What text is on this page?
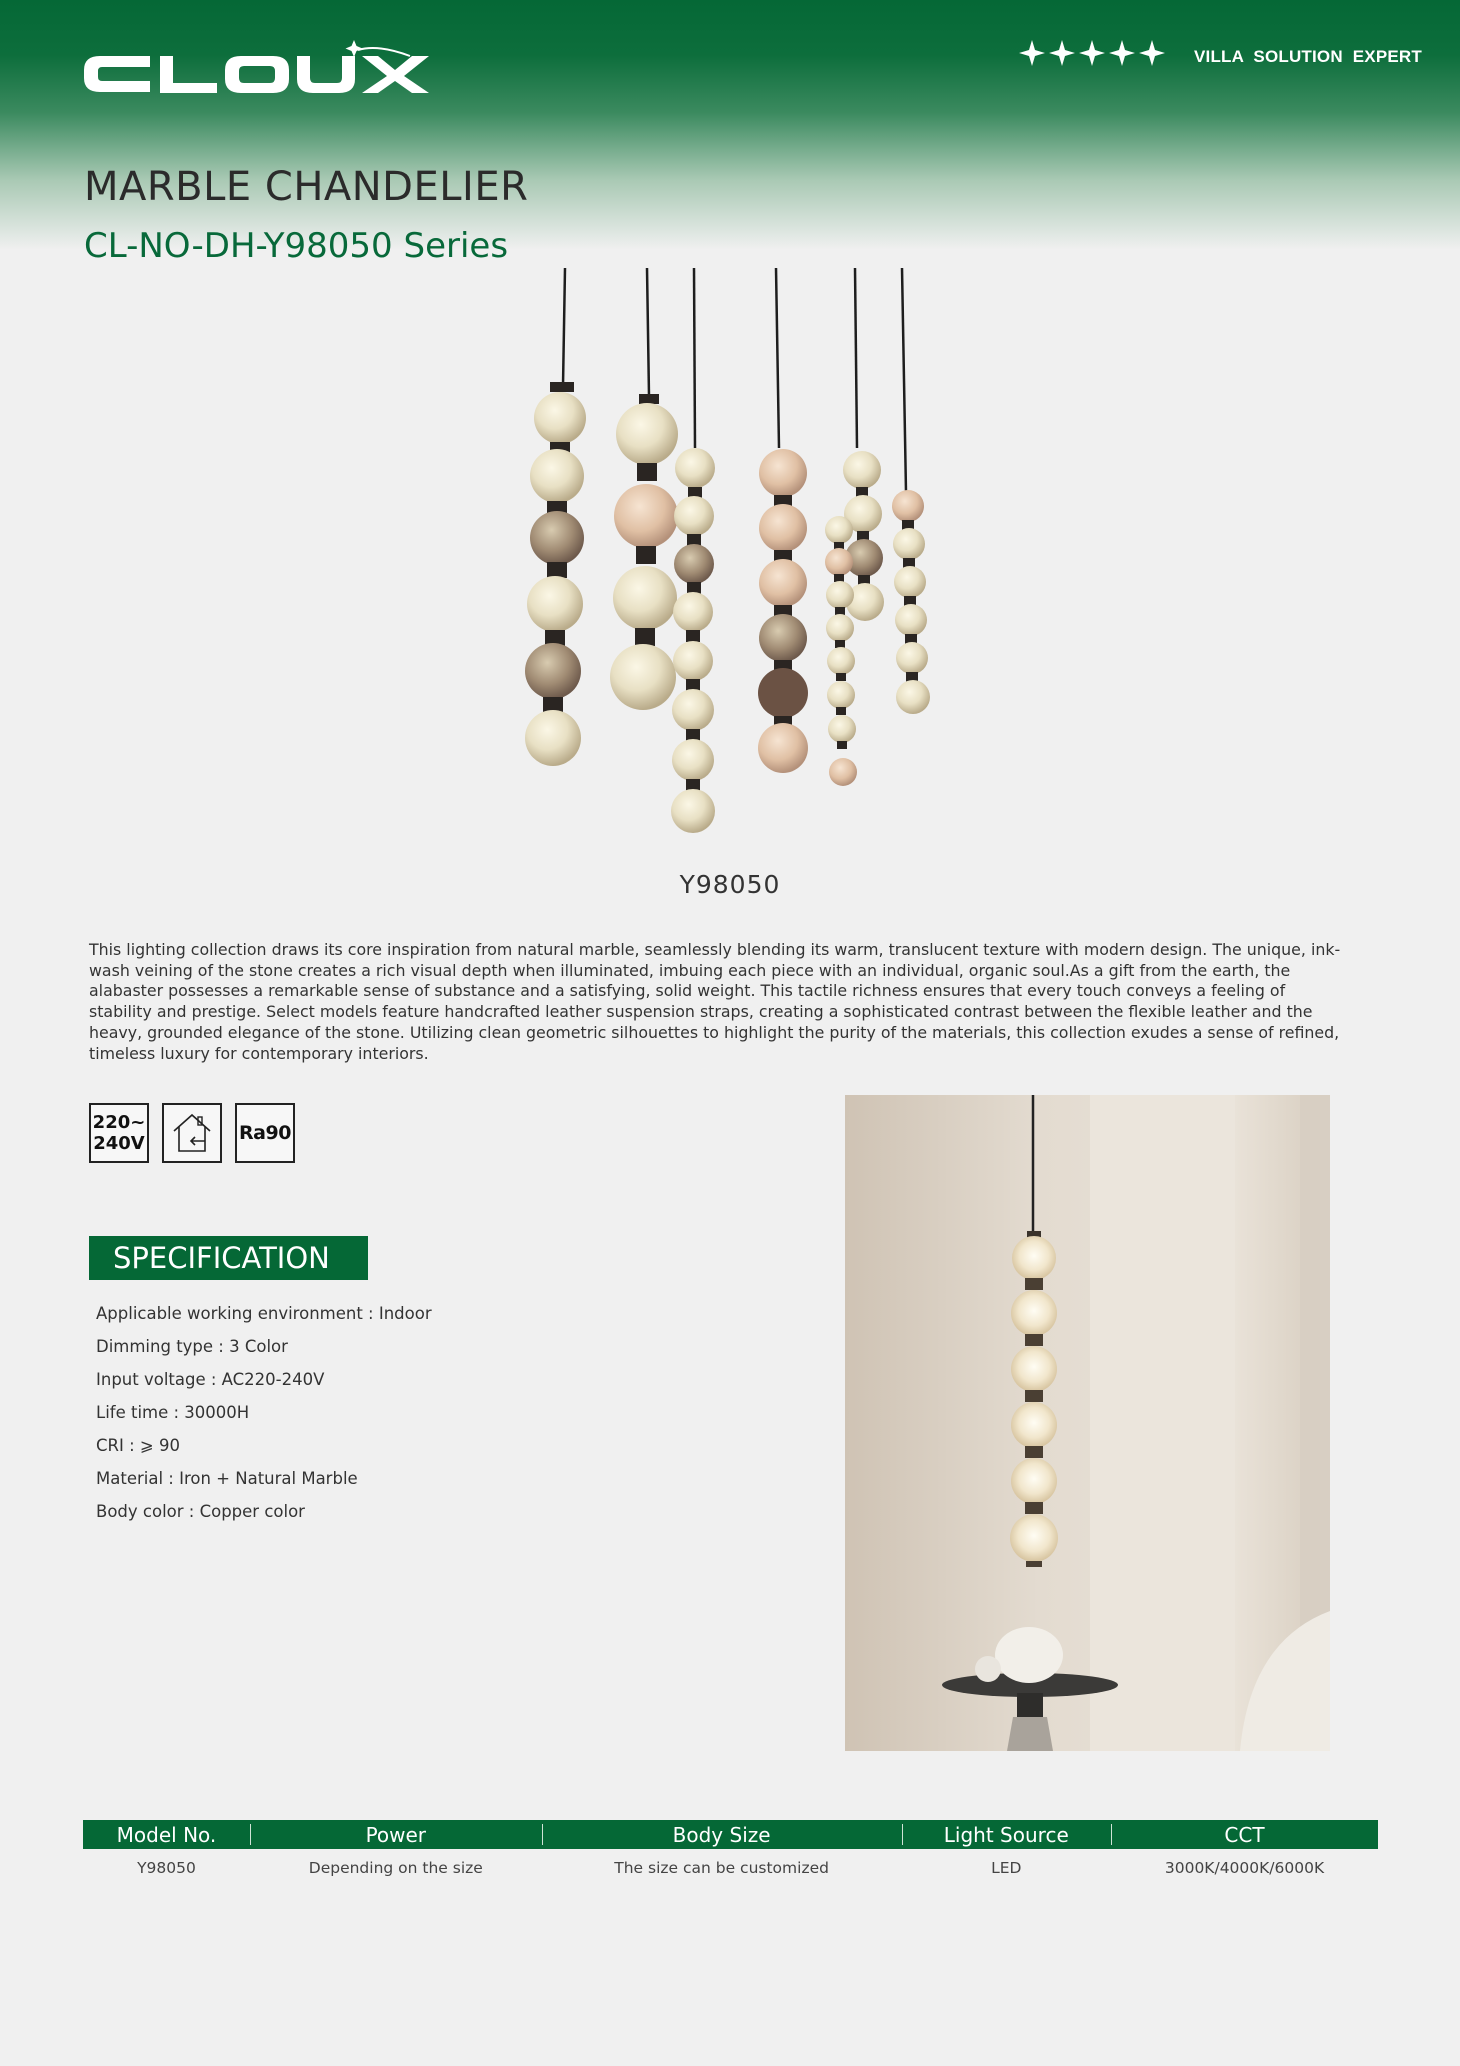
VILLA SOLUTION EXPERT
MARBLE CHANDELIER
CL-NO-DH-Y98050 Series
Y98050

This lighting collection draws its core inspiration from natural marble, seamlessly blending its warm, translucent texture with modern design. The unique, ink-wash veining of the stone creates a rich visual depth when illuminated, imbuing each piece with an individual, organic soul.As a gift from the earth, the alabaster possesses a remarkable sense of substance and a satisfying, solid weight. This tactile richness ensures that every touch conveys a feeling of stability and prestige. Select models feature handcrafted leather suspension straps, creating a sophisticated contrast between the flexible leather and the heavy, grounded elegance of the stone. Utilizing clean geometric silhouettes to highlight the purity of the materials, this collection exudes a sense of refined, timeless luxury for contemporary interiors.

220~
240V	Ra90
SPECIFICATION
Applicable working environment : Indoor
Dimming type : 3 Color
Input voltage : AC220-240V
Life time : 30000H
CRI : ⩾ 90
Material : Iron + Natural Marble
Body color : Copper color
Model No.	Power	Body Size	Light Source	CCT
Y98050	Depending on the size	The size can be customized	LED	3000K/4000K/6000K
